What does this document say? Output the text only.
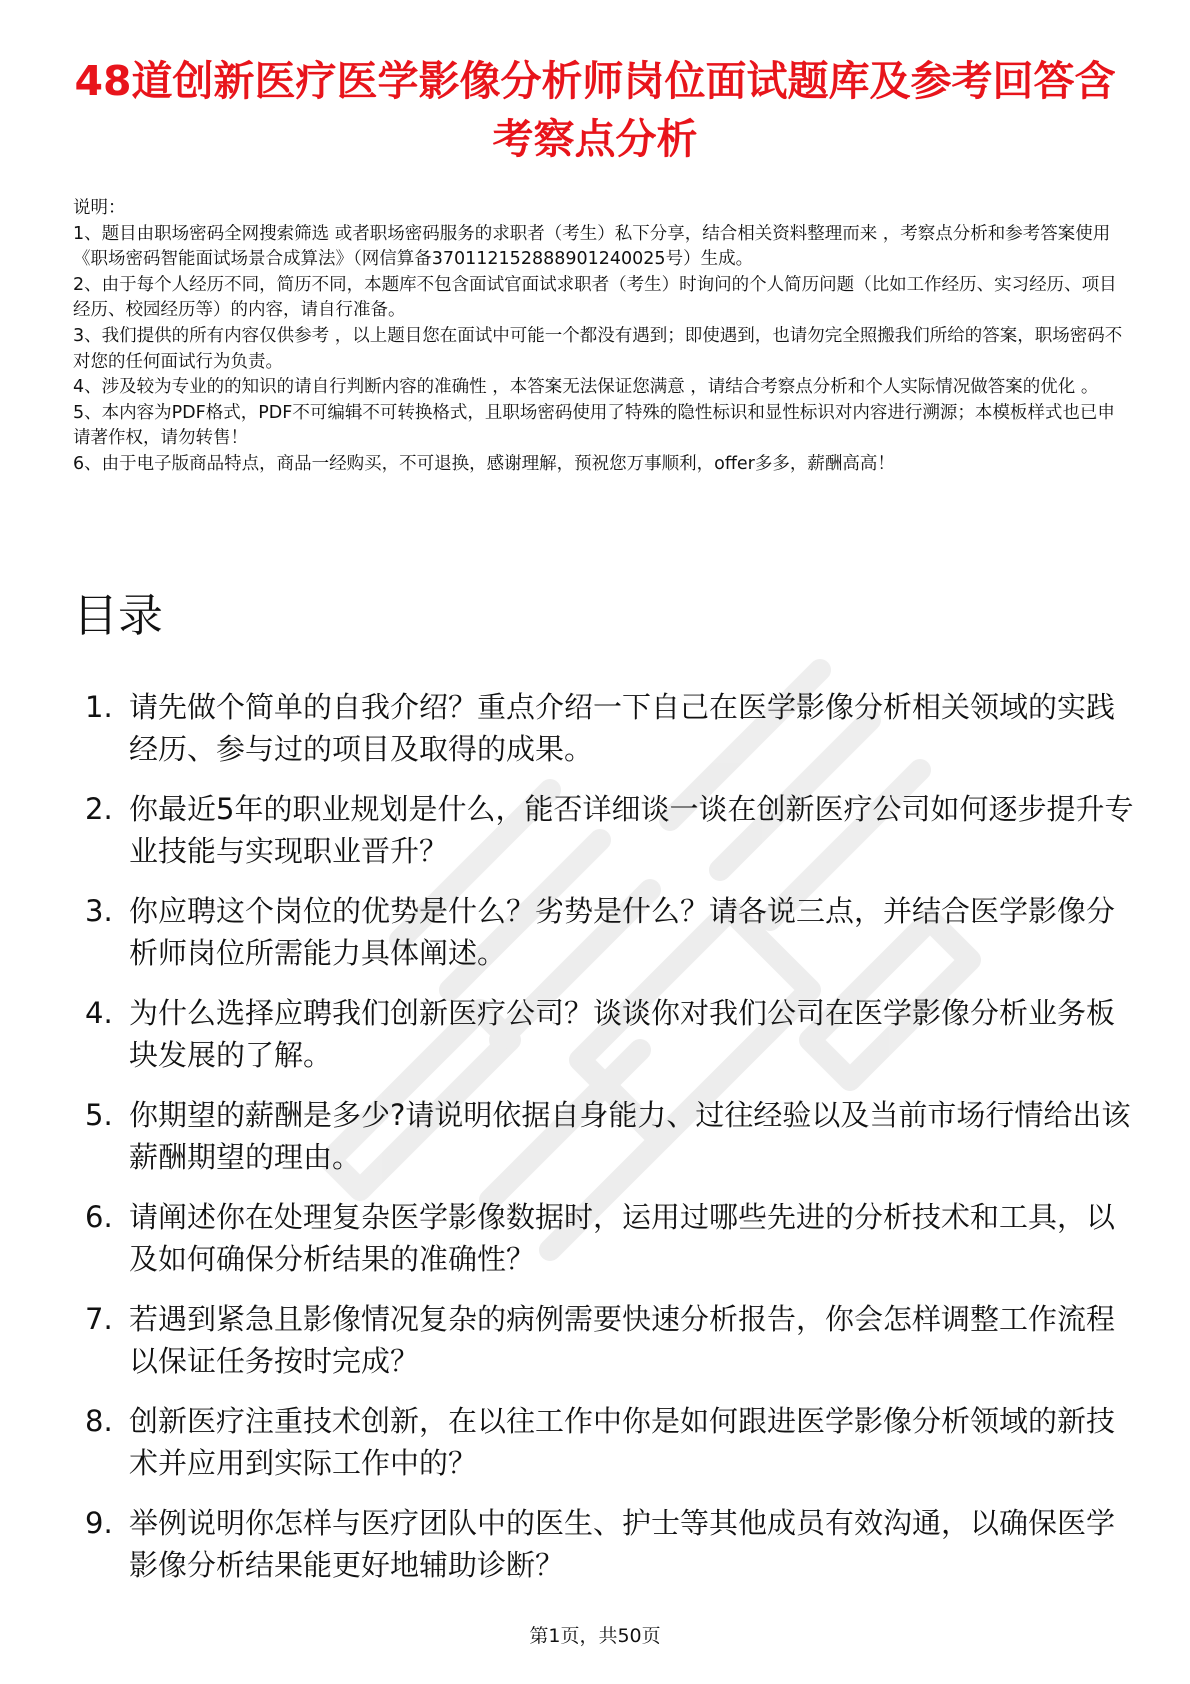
48道创新医疗医学影像分析师岗位面试题库及参考回答含考察点分析
说明：

1、题目由职场密码全网搜索筛选 或者职场密码服务的求职者（考生）私下分享，结合相关资料整理而来 ，考察点分析和参考答案使用《职场密码智能面试场景合成算法》（网信算备370112152888901240025号）生成。

2、由于每个人经历不同，简历不同，本题库不包含面试官面试求职者（考生）时询问的个人简历问题（比如工作经历、实习经历、项目经历、校园经历等）的内容，请自行准备。

3、我们提供的所有内容仅供参考 ，以上题目您在面试中可能一个都没有遇到；即使遇到，也请勿完全照搬我们所给的答案，职场密码不对您的任何面试行为负责。

4、涉及较为专业的的知识的请自行判断内容的准确性 ，本答案无法保证您满意 ，请结合考察点分析和个人实际情况做答案的优化 。

5、本内容为PDF格式，PDF不可编辑不可转换格式，且职场密码使用了特殊的隐性标识和显性标识对内容进行溯源；本模板样式也已申请著作权，请勿转售！

6、由于电子版商品特点，商品一经购买，不可退换，感谢理解，预祝您万事顺利，offer多多，薪酬高高！

目录
1. 请先做个简单的自我介绍？重点介绍一下自己在医学影像分析相关领域的实践经历、参与过的项目及取得的成果。
2. 你最近5年的职业规划是什么，能否详细谈一谈在创新医疗公司如何逐步提升专业技能与实现职业晋升？
3. 你应聘这个岗位的优势是什么？劣势是什么？请各说三点，并结合医学影像分析师岗位所需能力具体阐述。
4. 为什么选择应聘我们创新医疗公司？谈谈你对我们公司在医学影像分析业务板块发展的了解。
5. 你期望的薪酬是多少?请说明依据自身能力、过往经验以及当前市场行情给出该薪酬期望的理由。
6. 请阐述你在处理复杂医学影像数据时，运用过哪些先进的分析技术和工具，以及如何确保分析结果的准确性？
7. 若遇到紧急且影像情况复杂的病例需要快速分析报告，你会怎样调整工作流程以保证任务按时完成？
8. 创新医疗注重技术创新，在以往工作中你是如何跟进医学影像分析领域的新技术并应用到实际工作中的？
9. 举例说明你怎样与医疗团队中的医生、护士等其他成员有效沟通，以确保医学影像分析结果能更好地辅助诊断？
第1页，共50页
